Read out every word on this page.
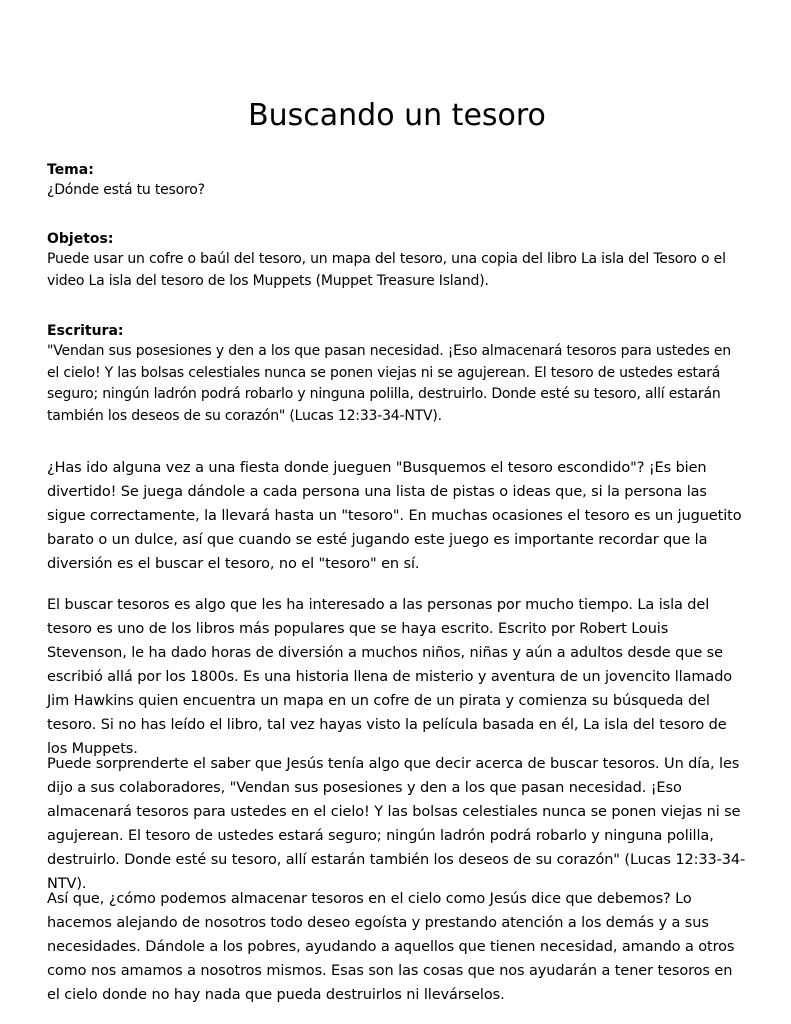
Buscando un tesoro

Tema:

¿Dónde está tu tesoro?

Objetos:

Puede usar un cofre o baúl del tesoro, un mapa del tesoro, una copia del libro La isla del Tesoro o el video La isla del tesoro de los Muppets (Muppet Treasure Island).

Escritura:

"Vendan sus posesiones y den a los que pasan necesidad. ¡Eso almacenará tesoros para ustedes en el cielo! Y las bolsas celestiales nunca se ponen viejas ni se agujerean. El tesoro de ustedes estará seguro; ningún ladrón podrá robarlo y ninguna polilla, destruirlo. Donde esté su tesoro, allí estarán también los deseos de su corazón" (Lucas 12:33-34-NTV).

¿Has ido alguna vez a una fiesta donde jueguen "Busquemos el tesoro escondido"? ¡Es bien divertido! Se juega dándole a cada persona una lista de pistas o ideas que, si la persona las sigue correctamente, la llevará hasta un "tesoro". En muchas ocasiones el tesoro es un juguetito barato o un dulce, así que cuando se esté jugando este juego es importante recordar que la diversión es el buscar el tesoro, no el "tesoro" en sí.

El buscar tesoros es algo que les ha interesado a las personas por mucho tiempo. La isla del tesoro es uno de los libros más populares que se haya escrito. Escrito por Robert Louis Stevenson, le ha dado horas de diversión a muchos niños, niñas y aún a adultos desde que se escribió allá por los 1800s. Es una historia llena de misterio y aventura de un jovencito llamado Jim Hawkins quien encuentra un mapa en un cofre de un pirata y comienza su búsqueda del tesoro. Si no has leído el libro, tal vez hayas visto la película basada en él, La isla del tesoro de los Muppets.

Puede sorprenderte el saber que Jesús tenía algo que decir acerca de buscar tesoros. Un día, les dijo a sus colaboradores, "Vendan sus posesiones y den a los que pasan necesidad. ¡Eso almacenará tesoros para ustedes en el cielo! Y las bolsas celestiales nunca se ponen viejas ni se agujerean. El tesoro de ustedes estará seguro; ningún ladrón podrá robarlo y ninguna polilla, destruirlo. Donde esté su tesoro, allí estarán también los deseos de su corazón" (Lucas 12:33-34-NTV).

Así que, ¿cómo podemos almacenar tesoros en el cielo como Jesús dice que debemos? Lo hacemos alejando de nosotros todo deseo egoísta y prestando atención a los demás y a sus necesidades. Dándole a los pobres, ayudando a aquellos que tienen necesidad, amando a otros como nos amamos a nosotros mismos. Esas son las cosas que nos ayudarán a tener tesoros en el cielo donde no hay nada que pueda destruirlos ni llevárselos.
